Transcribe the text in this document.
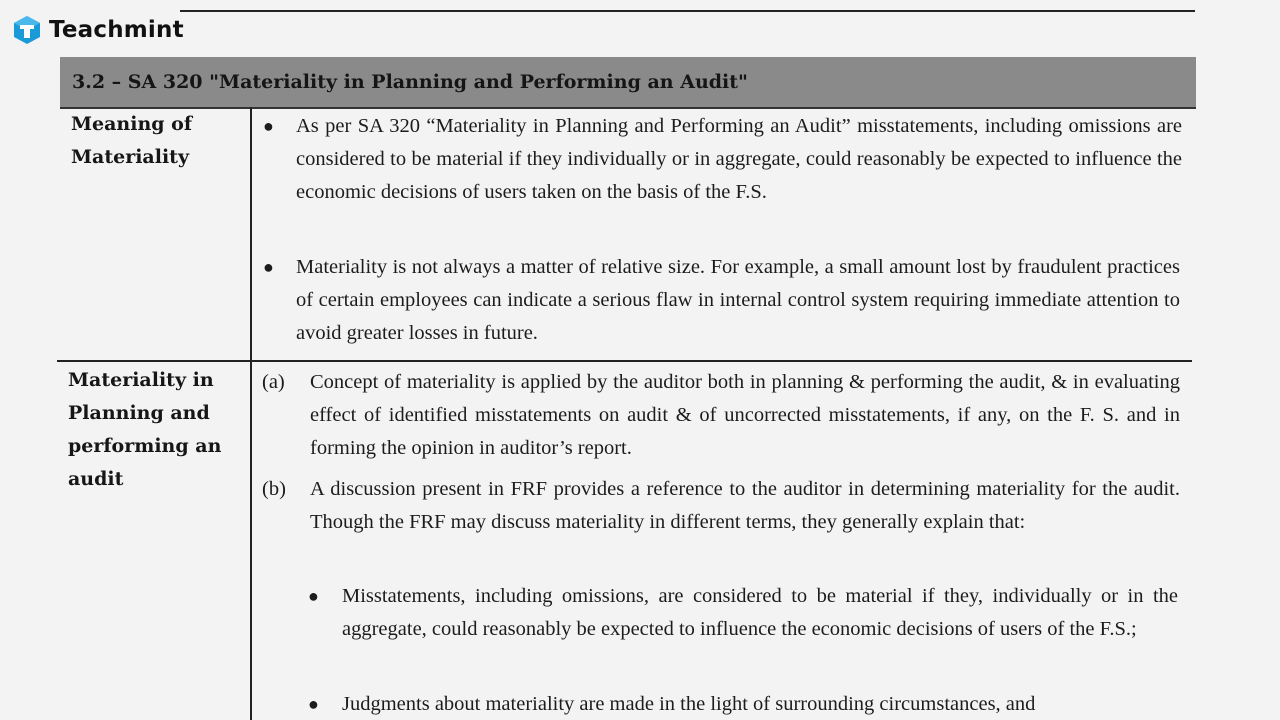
Teachmint
3.2 – SA 320 "Materiality in Planning and Performing an Audit"
Meaning of Materiality
● As per SA 320 “Materiality in Planning and Performing an Audit” misstatements, including omissions are considered to be material if they individually or in aggregate, could reasonably be expected to influence the economic decisions of users taken on the basis of the F.S.
● Materiality is not always a matter of relative size. For example, a small amount lost by fraudulent practices of certain employees can indicate a serious flaw in internal control system requiring immediate attention to avoid greater losses in future.
Materiality in Planning and performing an audit
(a) Concept of materiality is applied by the auditor both in planning & performing the audit, & in evaluating effect of identified misstatements on audit & of uncorrected misstatements, if any, on the F. S. and in forming the opinion in auditor’s report.
(b) A discussion present in FRF provides a reference to the auditor in determining materiality for the audit. Though the FRF may discuss materiality in different terms, they generally explain that:
● Misstatements, including omissions, are considered to be material if they, individually or in the aggregate, could reasonably be expected to influence the economic decisions of users of the F.S.;
● Judgments about materiality are made in the light of surrounding circumstances, and
